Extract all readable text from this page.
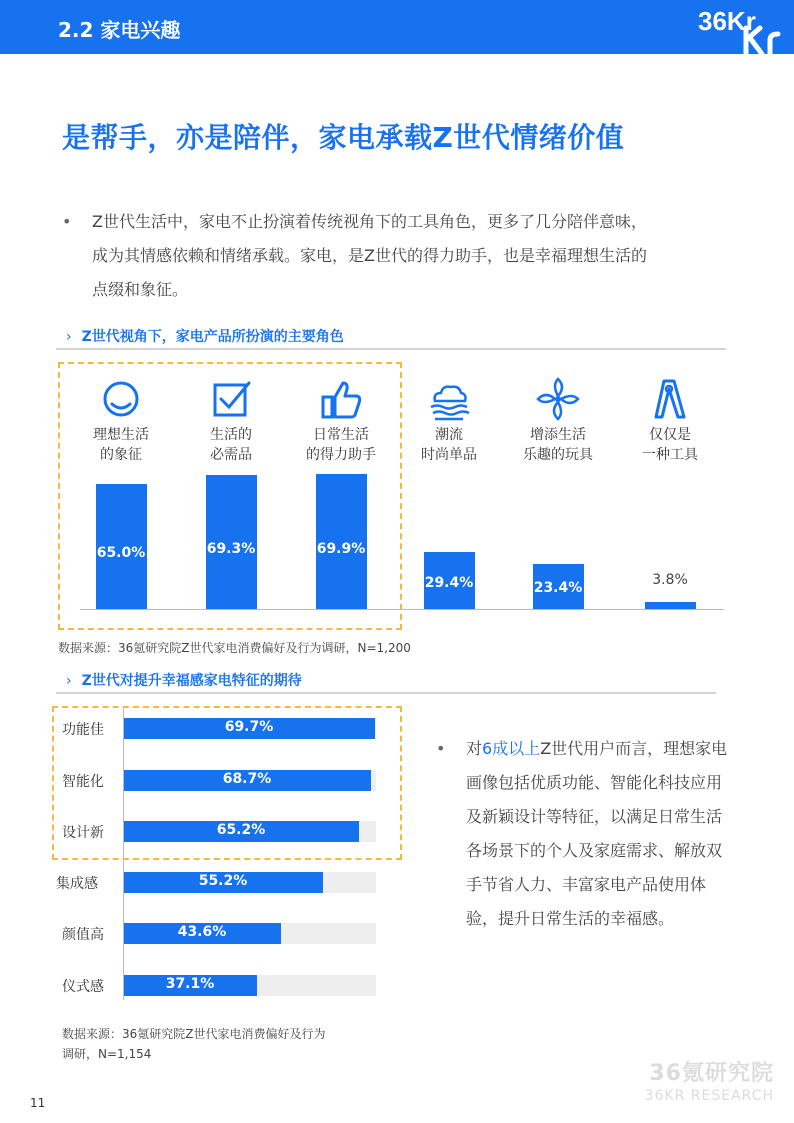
2.2 家电兴趣	36Kr
是帮手，亦是陪伴，家电承载Z世代情绪价值
•	Z世代生活中，家电不止扮演着传统视角下的工具角色，更多了几分陪伴意味，
成为其情感依赖和情绪承载。家电，是Z世代的得力助手，也是幸福理想生活的
点缀和象征。
› Z世代视角下，家电产品所扮演的主要角色
理想生活
的象征
65.0%
生活的
必需品
69.3%
日常生活
的得力助手
69.9%
潮流
时尚单品
29.4%
增添生活
乐趣的玩具
23.4%
仅仅是
一种工具
3.8%
数据来源：36氪研究院Z世代家电消费偏好及行为调研，N=1,200
› Z世代对提升幸福感家电特征的期待
功能佳	69.7%
智能化	68.7%
设计新	65.2%
集成感	55.2%
颜值高	43.6%
仪式感	37.1%
数据来源：36氪研究院Z世代家电消费偏好及行为
调研，N=1,154
•	对6成以上Z世代用户而言，理想家电画像包括优质功能、智能化科技应用及新颖设计等特征，以满足日常生活各场景下的个人及家庭需求、解放双手节省人力、丰富家电产品使用体验，提升日常生活的幸福感。
36氪研究院
36KR RESEARCH
11
